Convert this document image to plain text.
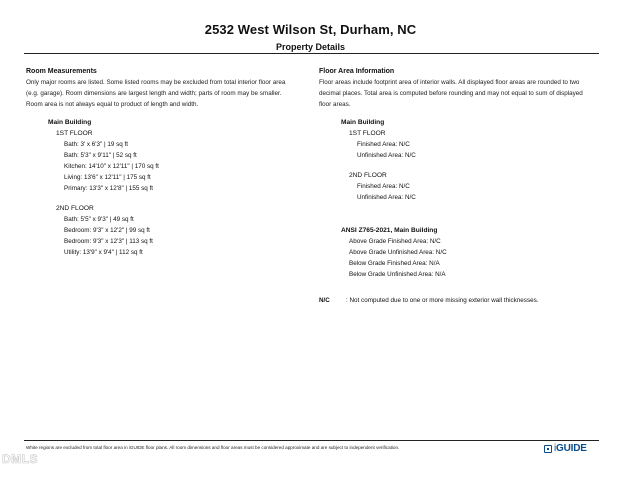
2532 West Wilson St, Durham, NC
Property Details
Room Measurements
Only major rooms are listed. Some listed rooms may be excluded from total interior floor area
(e.g. garage). Room dimensions are largest length and width; parts of room may be smaller.
Room area is not always equal to product of length and width.
Main Building
1ST FLOOR
Bath: 3' x 6'3" | 19 sq ft
Bath: 5'3" x 9'11" | 52 sq ft
Kitchen: 14'10" x 12'11" | 170 sq ft
Living: 13'6" x 12'11" | 175 sq ft
Primary: 13'3" x 12'8" | 155 sq ft
2ND FLOOR
Bath: 5'5" x 9'3" | 49 sq ft
Bedroom: 9'3" x 12'2" | 99 sq ft
Bedroom: 9'3" x 12'3" | 113 sq ft
Utility: 13'9" x 9'4" | 112 sq ft
Floor Area Information
Floor areas include footprint area of interior walls. All displayed floor areas are rounded to two
decimal places. Total area is computed before rounding and may not equal to sum of displayed
floor areas.
Main Building
1ST FLOOR
Finished Area: N/C
Unfinished Area: N/C
2ND FLOOR
Finished Area: N/C
Unfinished Area: N/C
ANSI Z765-2021, Main Building
Above Grade Finished Area: N/C
Above Grade Unfinished Area: N/C
Below Grade Finished Area: N/A
Below Grade Unfinished Area: N/A
N/C	: Not computed due to one or more missing exterior wall thicknesses.
White regions are excluded from total floor area in iGUIDE floor plans. All room dimensions and floor areas must be considered approximate and are subject to independent verification.	iGUIDE
DMLS
